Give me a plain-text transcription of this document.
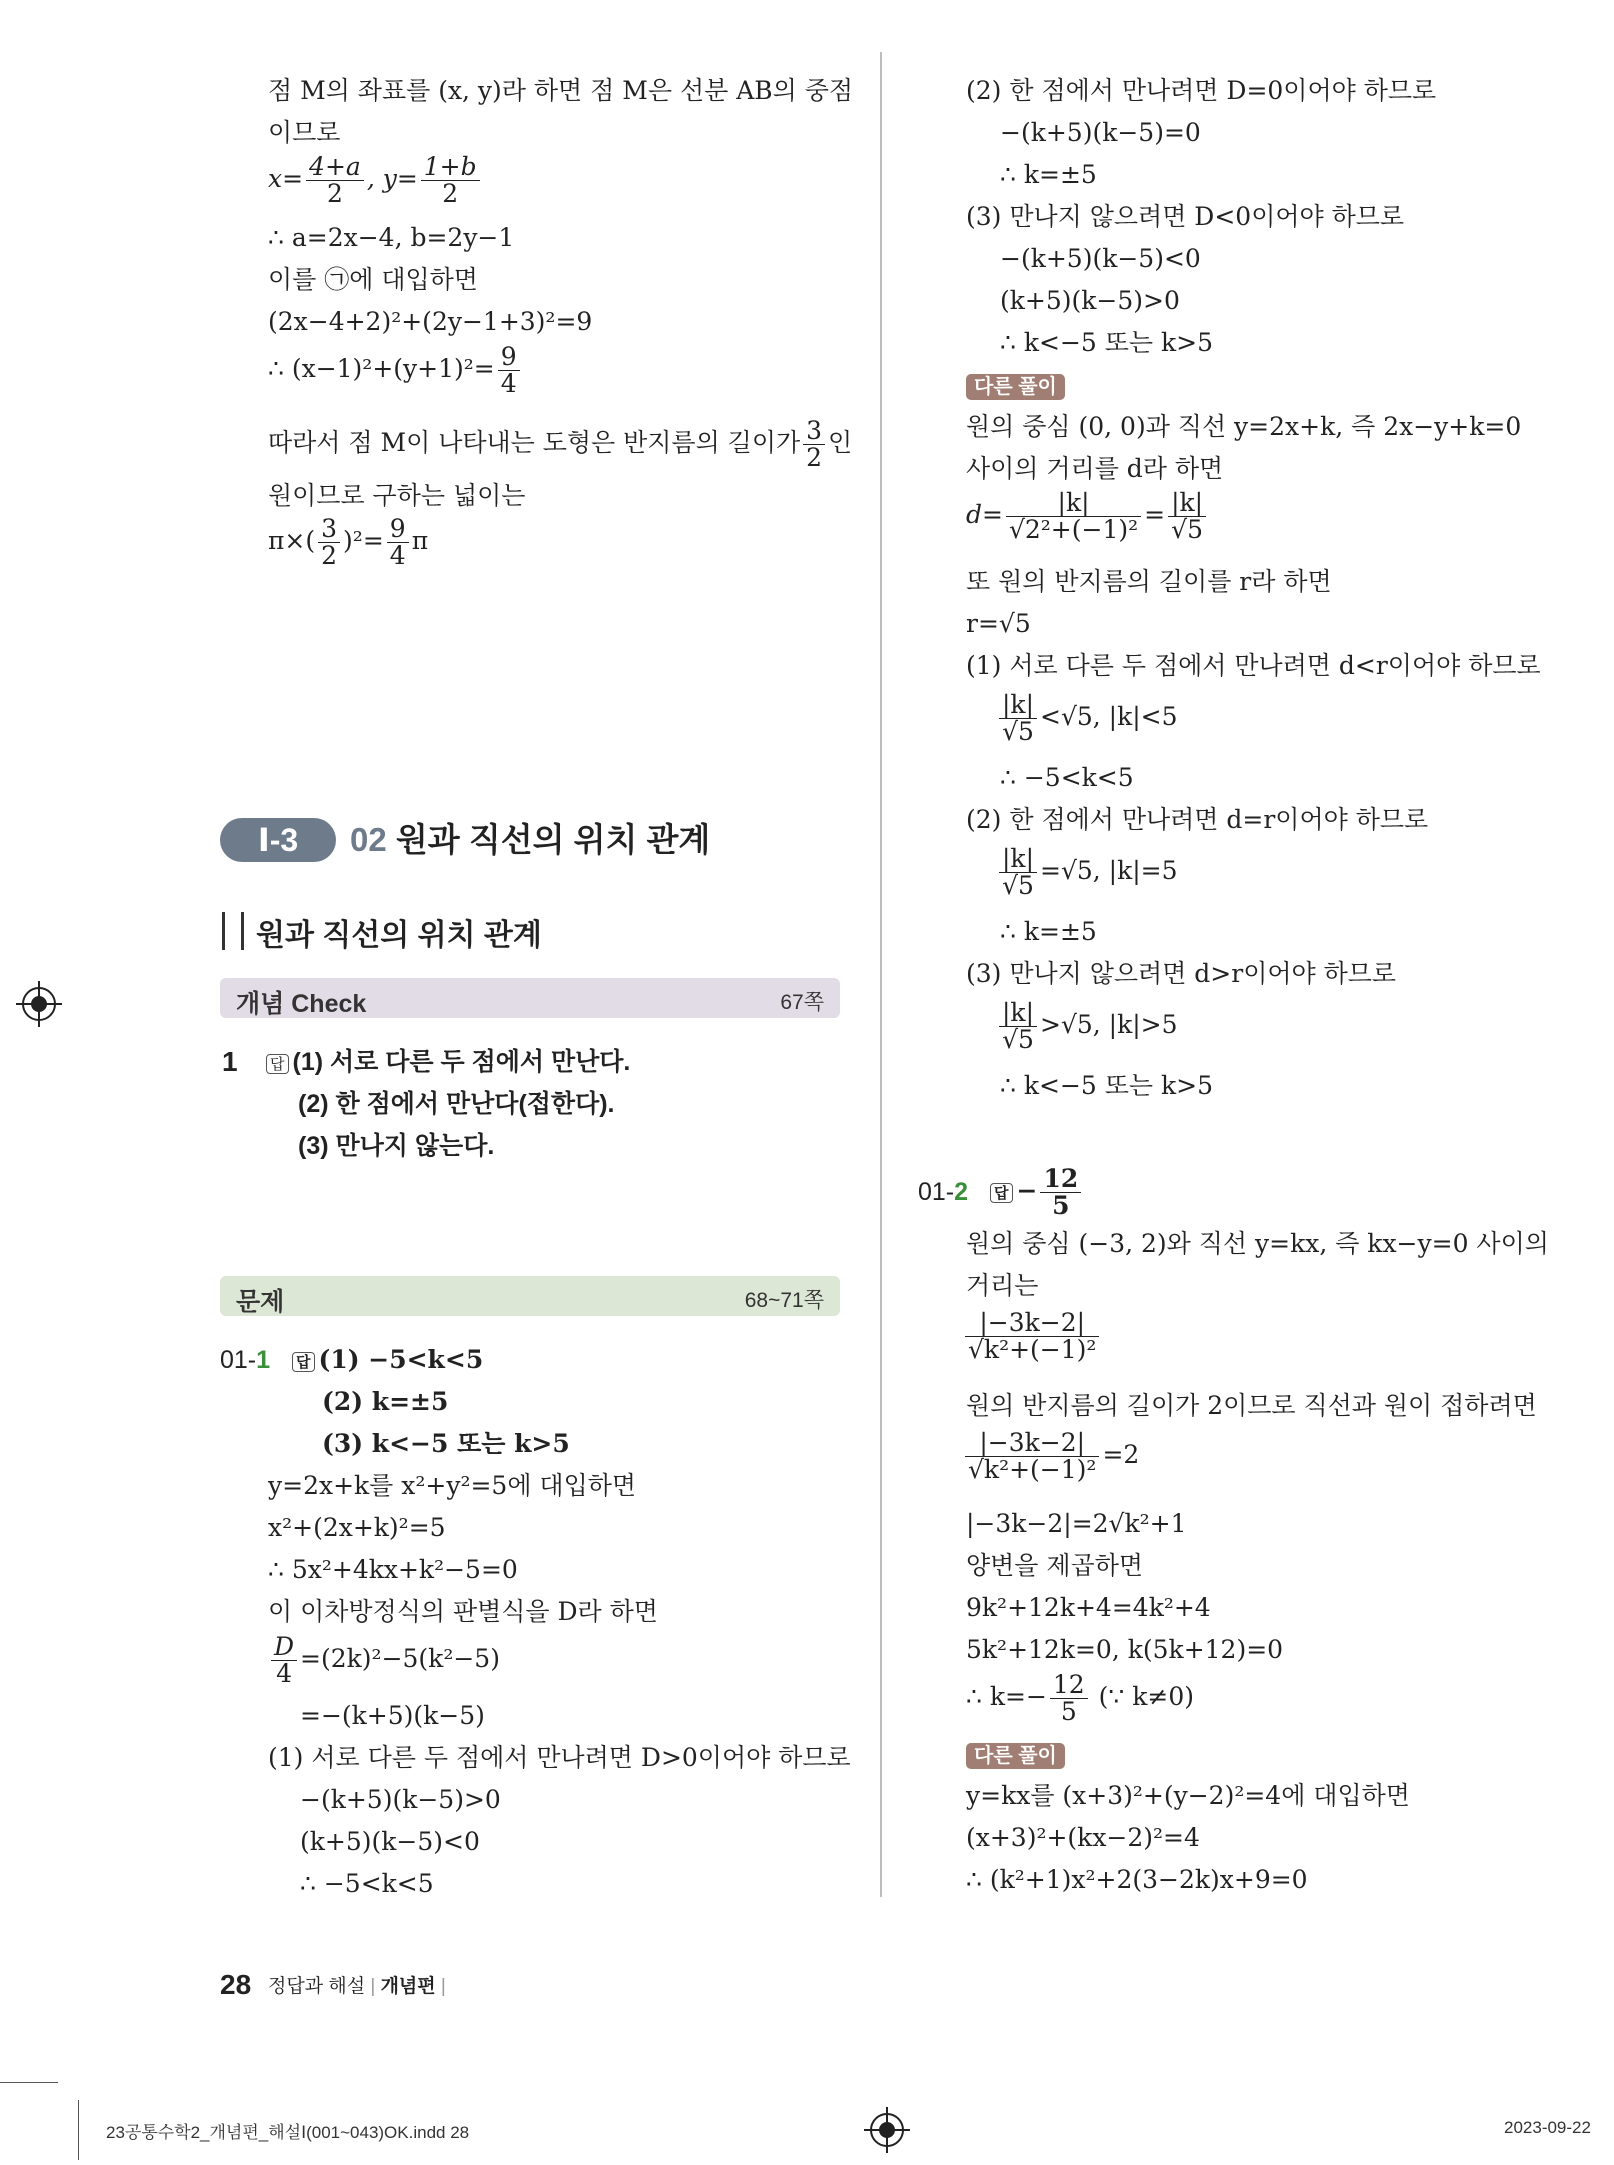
점 M의 좌표를 (x, y)라 하면 점 M은 선분 AB의 중점
이므로
$x= \frac{4+a}{2}$ , $y= \frac{1+b}{2}$
∴ a=2x−4, b=2y−1
이를 ㉠에 대입하면
(2x−4+2)²+(2y−1+3)²=9
∴ $(x-1)^2+(y+1)^2= \frac{9}{4}$
따라서 점 M이 나타내는 도형은 반지름의 길이가 $\frac{3}{2}$ 인
원이므로 구하는 넓이는
$\pi\times( \frac{3}{2} )^2= \frac{9}{4}$ π
Ⅰ-3	02 원과 직선의 위치 관계
원과 직선의 위치 관계
개념 Check	67쪽
1 답 (1) 서로 다른 두 점에서 만난다.
(2) 한 점에서 만난다(접한다).
(3) 만나지 않는다.
문제	68~71쪽
01-1 답 (1) −5<k<5
(2) k=±5
(3) k<−5 또는 k>5
y=2x+k를 x²+y²=5에 대입하면
x²+(2x+k)²=5
∴ 5x²+4kx+k²−5=0
이 이차방정식의 판별식을 D라 하면
$\frac{D}{4} =(2k)^2-5(k^2-5)$
=−(k+5)(k−5)
(1) 서로 다른 두 점에서 만나려면 D>0이어야 하므로
−(k+5)(k−5)>0
(k+5)(k−5)<0
∴ −5<k<5
(2) 한 점에서 만나려면 D=0이어야 하므로
−(k+5)(k−5)=0
∴ k=±5
(3) 만나지 않으려면 D<0이어야 하므로
−(k+5)(k−5)<0
(k+5)(k−5)>0
∴ k<−5 또는 k>5
다른 풀이
원의 중심 (0, 0)과 직선 y=2x+k, 즉 2x−y+k=0
사이의 거리를 d라 하면
$d= \frac{|k|}{\text{√2²+(−1)²}} = \frac{|k|}{√5}$
또 원의 반지름의 길이를 r라 하면
r=√5
(1) 서로 다른 두 점에서 만나려면 d<r이어야 하므로
$\frac{|k|}{√5} <√5$, |k|<5
∴ −5<k<5
(2) 한 점에서 만나려면 d=r이어야 하므로
$\frac{|k|}{√5} =√5$, |k|=5
∴ k=±5
(3) 만나지 않으려면 d>r이어야 하므로
$\frac{|k|}{√5} >√5$, |k|>5
∴ k<−5 또는 k>5
01-2 답 − $\frac{12}{5}$
원의 중심 (−3, 2)와 직선 y=kx, 즉 kx−y=0 사이의
거리는
$\frac{|-3k-2|}{\text{√k²+(−1)²}}$
원의 반지름의 길이가 2이므로 직선과 원이 접하려면
$\frac{|-3k-2|}{\text{√k²+(−1)²}} =2$
|−3k−2|=2√k²+1
양변을 제곱하면
9k²+12k+4=4k²+4
5k²+12k=0, k(5k+12)=0
∴ $k=- \frac{12}{5}$ (∵ k≠0)
다른 풀이
y=kx를 (x+3)²+(y−2)²=4에 대입하면
(x+3)²+(kx−2)²=4
∴ (k²+1)x²+2(3−2k)x+9=0
28 정답과 해설 | 개념편 |
23공통수학2_개념편_해설Ⅰ(001~043)OK.indd 28	2023-09-22
